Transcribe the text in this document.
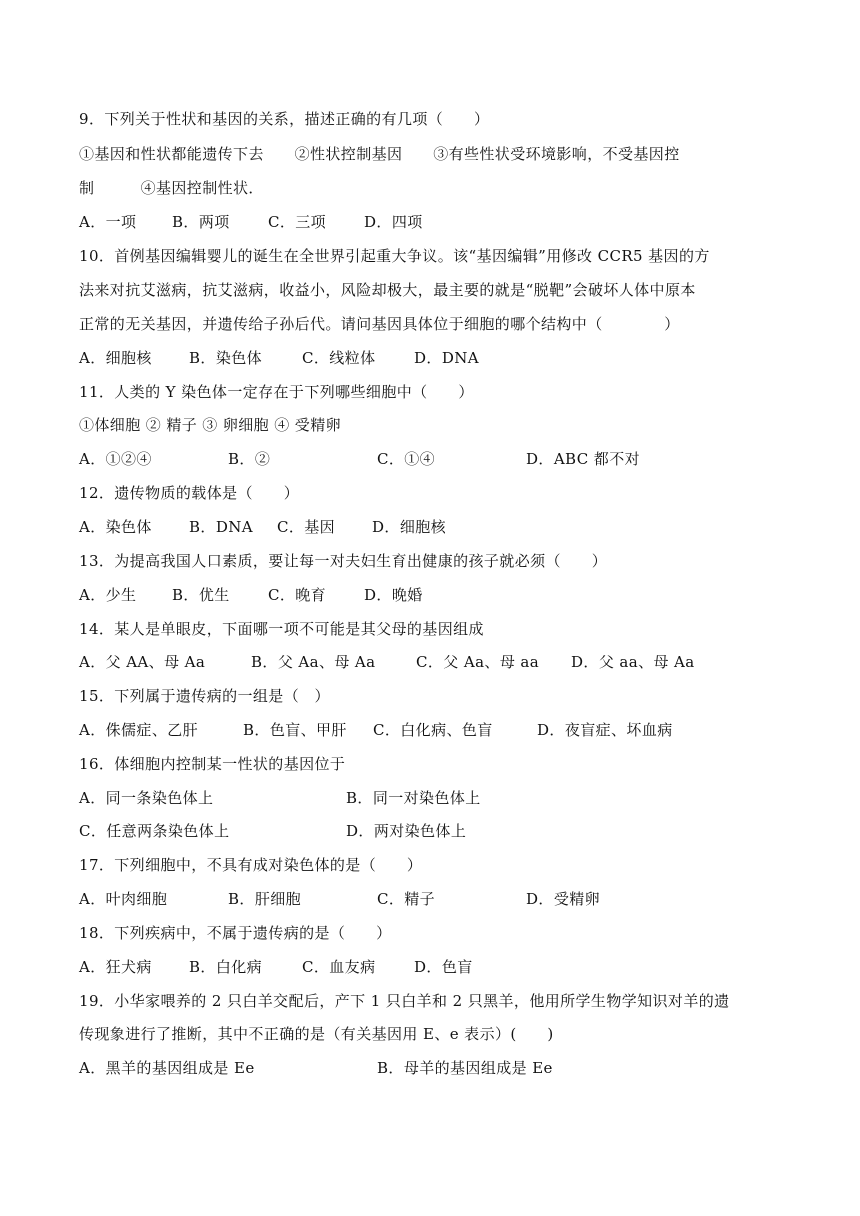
9．下列关于性状和基因的关系，描述正确的有几项（　　）
①基因和性状都能遗传下去　　②性状控制基因　　③有些性状受环境影响，不受基因控
制　　　④基因控制性状．
A．一项 B．两项	C．三项	D．四项
10．首例基因编辑婴儿的诞生在全世界引起重大争议。该“基因编辑”用修改 CCR5 基因的方
法来对抗艾滋病，抗艾滋病，收益小，风险却极大，最主要的就是“脱靶”会破坏人体中原本
正常的无关基因，并遗传给子孙后代。请问基因具体位于细胞的哪个结构中（　　　　）
A．细胞核 B．染色体	C．线粒体	D．DNA
11．人类的 Y 染色体一定存在于下列哪些细胞中（　　）
①体细胞 ② 精子 ③ 卵细胞 ④ 受精卵
A．①②④	B．②	C．①④	D．ABC 都不对
12．遗传物质的载体是（　　）
A．染色体 B．DNA C．基因 D．细胞核
13．为提高我国人口素质，要让每一对夫妇生育出健康的孩子就必须（　　）
A．少生 B．优生	C．晚育	D．晚婚
14．某人是单眼皮，下面哪一项不可能是其父母的基因组成
A．父 AA、母 Aa	B．父 Aa、母 Aa	C．父 Aa、母 aa D．父 aa、母 Aa
15．下列属于遗传病的一组是（　）
A．侏儒症、乙肝	B．色盲、甲肝 C．白化病、色盲	D．夜盲症、坏血病
16．体细胞内控制某一性状的基因位于
A．同一条染色体上	B．同一对染色体上
C．任意两条染色体上	D．两对染色体上
17．下列细胞中，不具有成对染色体的是（　　）
A．叶肉细胞	B．肝细胞	C．精子	D．受精卵
18．下列疾病中，不属于遗传病的是（　　）
A．狂犬病 B．白化病	C．血友病	D．色盲
19．小华家喂养的 2 只白羊交配后，产下 1 只白羊和 2 只黑羊，他用所学生物学知识对羊的遗
传现象进行了推断，其中不正确的是（有关基因用 E、e 表示）(　　)
A．黑羊的基因组成是 Ee	B．母羊的基因组成是 Ee
